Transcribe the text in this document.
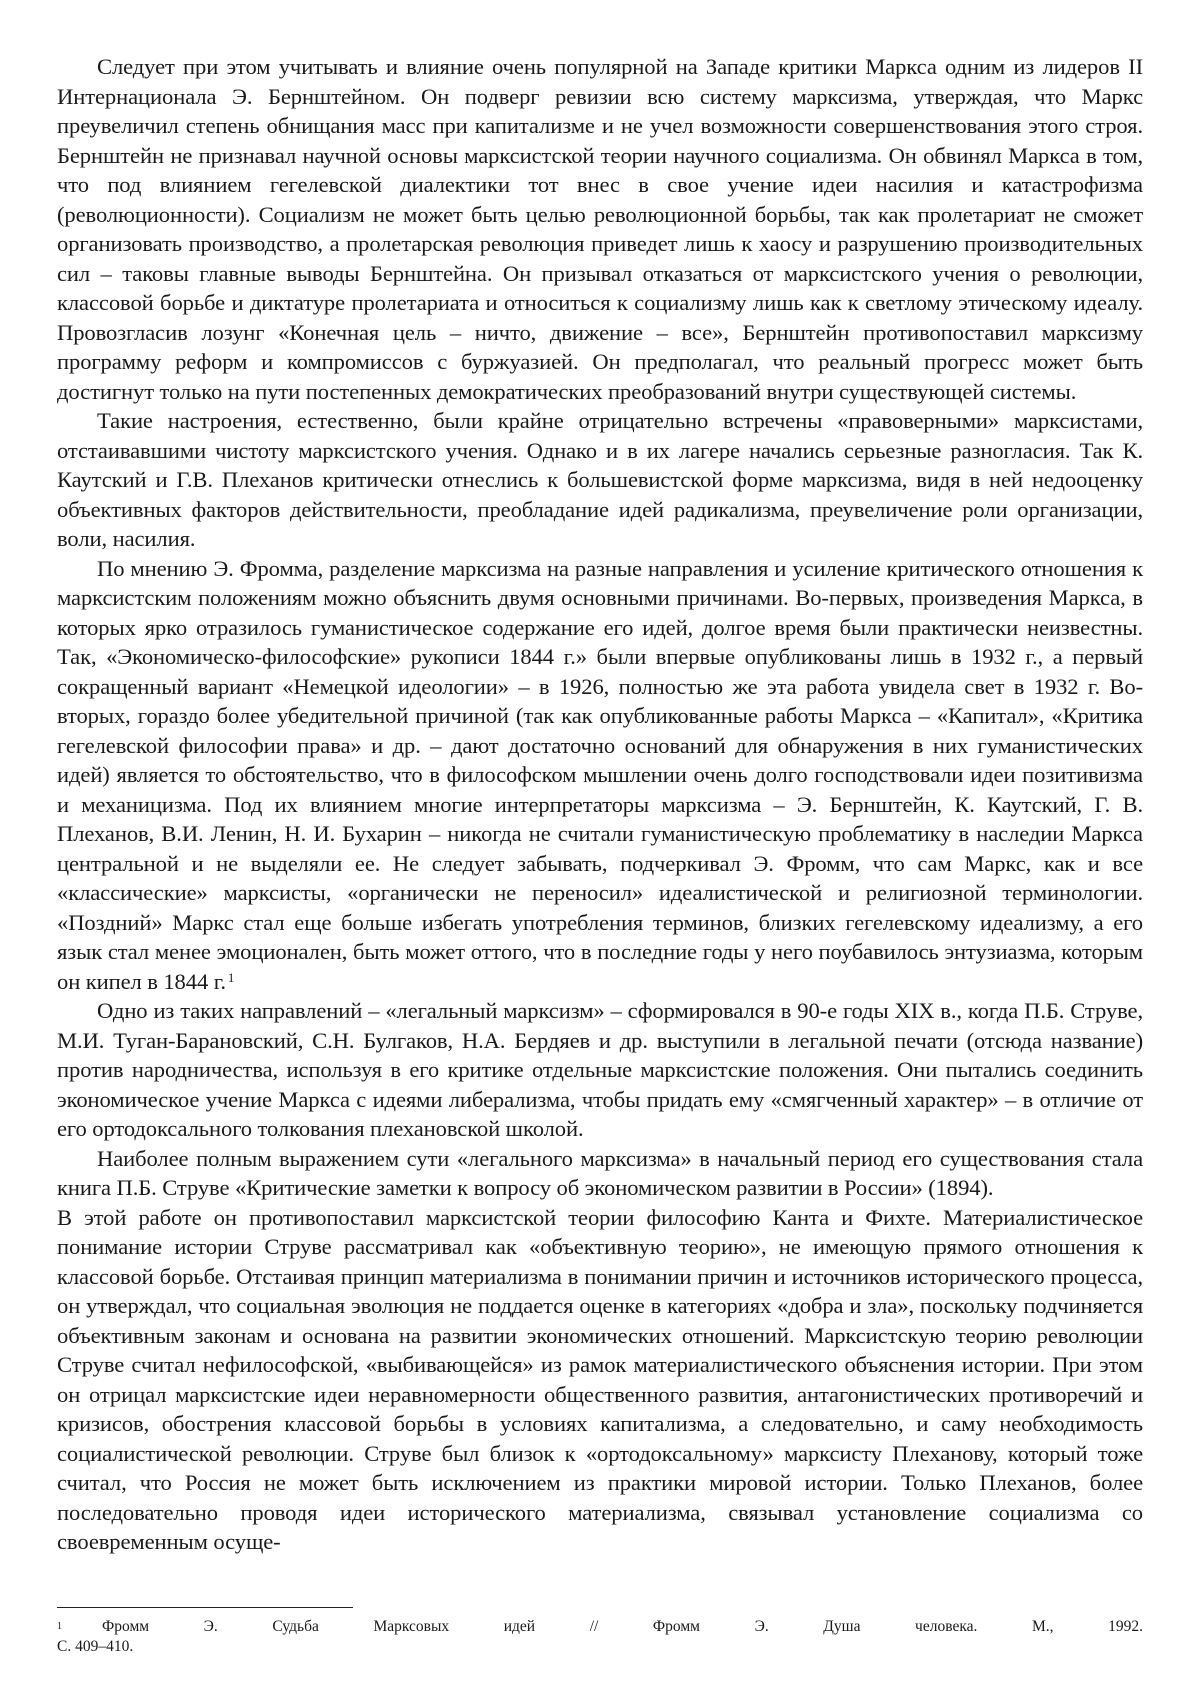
Следует при этом учитывать и влияние очень популярной на Западе критики Маркса одним из лидеров II Интернационала Э. Бернштейном. Он подверг ревизии всю систему марксизма, утверждая, что Маркс преувеличил степень обнищания масс при капитализме и не учел возможности совершенствования этого строя. Бернштейн не признавал научной основы марксистской теории научного социализма. Он обвинял Маркса в том, что под влиянием гегелевской диалектики тот внес в свое учение идеи насилия и катастрофизма (революционности). Социализм не может быть целью революционной борьбы, так как пролетариат не сможет организовать производство, а пролетарская революция приведет лишь к хаосу и разрушению производительных сил – таковы главные выводы Бернштейна. Он призывал отказаться от марксистского учения о революции, классовой борьбе и диктатуре пролетариата и относиться к социализму лишь как к светлому этическому идеалу. Провозгласив лозунг «Конечная цель – ничто, движение – все», Бернштейн противопоставил марксизму программу реформ и компромиссов с буржуазией. Он предполагал, что реальный прогресс может быть достигнут только на пути постепенных демократических преобразований внутри существующей системы.

Такие настроения, естественно, были крайне отрицательно встречены «правоверными» марксистами, отстаивавшими чистоту марксистского учения. Однако и в их лагере начались серьезные разногласия. Так К. Каутский и Г.В. Плеханов критически отнеслись к большевистской форме марксизма, видя в ней недооценку объективных факторов действительности, преобладание идей радикализма, преувеличение роли организации, воли, насилия.

По мнению Э. Фромма, разделение марксизма на разные направления и усиление критического отношения к марксистским положениям можно объяснить двумя основными причинами. Во-первых, произведения Маркса, в которых ярко отразилось гуманистическое содержание его идей, долгое время были практически неизвестны. Так, «Экономическо-философские» рукописи 1844 г.» были впервые опубликованы лишь в 1932 г., а первый сокращенный вариант «Немецкой идеологии» – в 1926, полностью же эта работа увидела свет в 1932 г. Во-вторых, гораздо более убедительной причиной (так как опубликованные работы Маркса – «Капитал», «Критика гегелевской философии права» и др. – дают достаточно оснований для обнаружения в них гуманистических идей) является то обстоятельство, что в философском мышлении очень долго господствовали идеи позитивизма и механицизма. Под их влиянием многие интерпретаторы марксизма – Э. Бернштейн, К. Каутский, Г. В. Плеханов, В.И. Ленин, Н. И. Бухарин – никогда не считали гуманистическую проблематику в наследии Маркса центральной и не выделяли ее. Не следует забывать, подчеркивал Э. Фромм, что сам Маркс, как и все «классические» марксисты, «органически не переносил» идеалистической и религиозной терминологии. «Поздний» Маркс стал еще больше избегать употребления терминов, близких гегелевскому идеализму, а его язык стал менее эмоционален, быть может оттого, что в последние годы у него поубавилось энтузиазма, которым он кипел в 1844 г. $^1$

Одно из таких направлений – «легальный марксизм» – сформировался в 90-е годы XIX в., когда П.Б. Струве, М.И. Туган-Барановский, С.Н. Булгаков, Н.А. Бердяев и др. выступили в легальной печати (отсюда название) против народничества, используя в его критике отдельные марксистские положения. Они пытались соединить экономическое учение Маркса с идеями либерализма, чтобы придать ему «смягченный характер» – в отличие от его ортодоксального толкования плехановской школой.

Наиболее полным выражением сути «легального марксизма» в начальный период его существования стала книга П.Б. Струве «Критические заметки к вопросу об экономическом развитии в России» (1894).

В этой работе он противопоставил марксистской теории философию Канта и Фихте. Материалистическое понимание истории Струве рассматривал как «объективную теорию», не имеющую прямого отношения к классовой борьбе. Отстаивая принцип материализма в понимании причин и источников исторического процесса, он утверждал, что социальная эволюция не поддается оценке в категориях «добра и зла», поскольку подчиняется объективным законам и основана на развитии экономических отношений. Марксистскую теорию революции Струве считал нефилософской, «выбивающейся» из рамок материалистического объяснения истории. При этом он отрицал марксистские идеи неравномерности общественного развития, антагонистических противоречий и кризисов, обострения классовой борьбы в условиях капитализма, а следовательно, и саму необходимость социалистической революции. Струве был близок к «ортодоксальному» марксисту Плеханову, который тоже считал, что Россия не может быть исключением из практики мировой истории. Только Плеханов, более последовательно проводя идеи исторического материализма, связывал установление социализма со своевременным осуще-

$^1$	Фромм Э. Судьба Марксовых идей // Фромм Э. Душа человека. М., 1992.
С. 409–410.
